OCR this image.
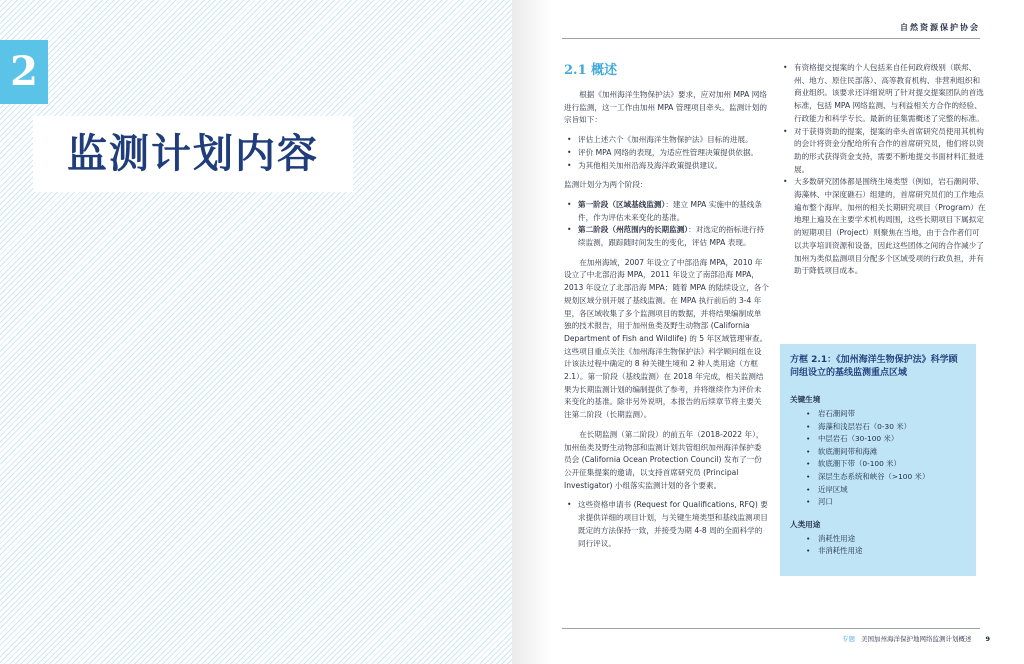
2
监测计划内容
自然资源保护协会
2.1 概述

根据《加州海洋生物保护法》要求，应对加州 MPA 网络进行监测，这一工作由加州 MPA 管理项目牵头。监测计划的宗旨如下：

• 评估上述六个《加州海洋生物保护法》目标的进展。
• 评价 MPA 网络的表现，为适应性管理决策提供依据。
• 为其他相关加州沿海及海洋政策提供建议。

监测计划分为两个阶段：

• 第一阶段（区域基线监测）：建立 MPA 实施中的基线条件，作为评估未来变化的基准。
• 第二阶段（州范围内的长期监测）：对选定的指标进行持续监测，跟踪随时间发生的变化，评估 MPA 表现。

在加州海域，2007 年设立了中部沿海 MPA，2010 年设立了中北部沿海 MPA，2011 年设立了南部沿海 MPA，2013 年设立了北部沿海 MPA；随着 MPA 的陆续设立，各个规划区域分别开展了基线监测。在 MPA 执行前后的 3-4 年里，各区域收集了多个监测项目的数据，并将结果编制成单独的技术报告，用于加州鱼类及野生动物部 (California Department of Fish and Wildlife) 的 5 年区域管理审查。这些项目重点关注《加州海洋生物保护法》科学顾问组在设计该法过程中确定的 8 种关键生境和 2 种人类用途（方框 2.1）。第一阶段（基线监测）在 2018 年完成，相关监测结果为长期监测计划的编制提供了参考，并将继续作为评价未来变化的基准。除非另外说明，本报告的后续章节将主要关注第二阶段（长期监测）。

在长期监测（第二阶段）的前五年（2018-2022 年），加州鱼类及野生动物部和监测计划共管组织加州海洋保护委员会 (California Ocean Protection Council) 发布了一份公开征集提案的邀请，以支持首席研究员 (Principal Investigator) 小组落实监测计划的各个要素。

• 这些资格申请书 (Request for Qualifications, RFQ) 要求提供详细的项目计划，与关键生境类型和基线监测项目既定的方法保持一致，并接受为期 4-8 周的全面科学的同行评议。
• 有资格提交提案的个人包括来自任何政府级别（联邦、州、地方、原住民部落）、高等教育机构、非营利组织和商业组织。该要求还详细说明了针对提交提案团队的首选标准，包括 MPA 网络监测、与利益相关方合作的经验、行政能力和科学专长。最新的征集需概述了完整的标准。
• 对于获得资助的提案，提案的牵头首席研究员使用其机构的会计将资金分配给所有合作的首席研究员，他们将以资助的形式获得资金支持，需要不断地提交书面材料汇报进展。
• 大多数研究团体都是围绕生境类型（例如，岩石潮间带、海藻林、中深度礁石）组建的，首席研究员们的工作地点遍布整个海岸。加州的相关长期研究项目（Program）在地理上遍及在主要学术机构周围，这些长期项目下属拟定的短期项目（Project）则聚焦在当地，由于合作者们可以共享培训资源和设备，因此这些团体之间的合作减少了加州为类似监测项目分配多个区域受项的行政负担，并有助于降低项目成本。
方框 2.1：《加州海洋生物保护法》科学顾问组设立的基线监测重点区域
关键生境
• 岩石潮间带
• 海藻和浅层岩石（0-30 米）
• 中层岩石（30-100 米）
• 软底潮间带和海滩
• 软底潮下带（0-100 米）
• 深层生态系统和峡谷（>100 米）
• 近岸区域
• 河口
人类用途
• 消耗性用途
• 非消耗性用途
专题 美国加州海洋保护地网络监测计划概述 9
